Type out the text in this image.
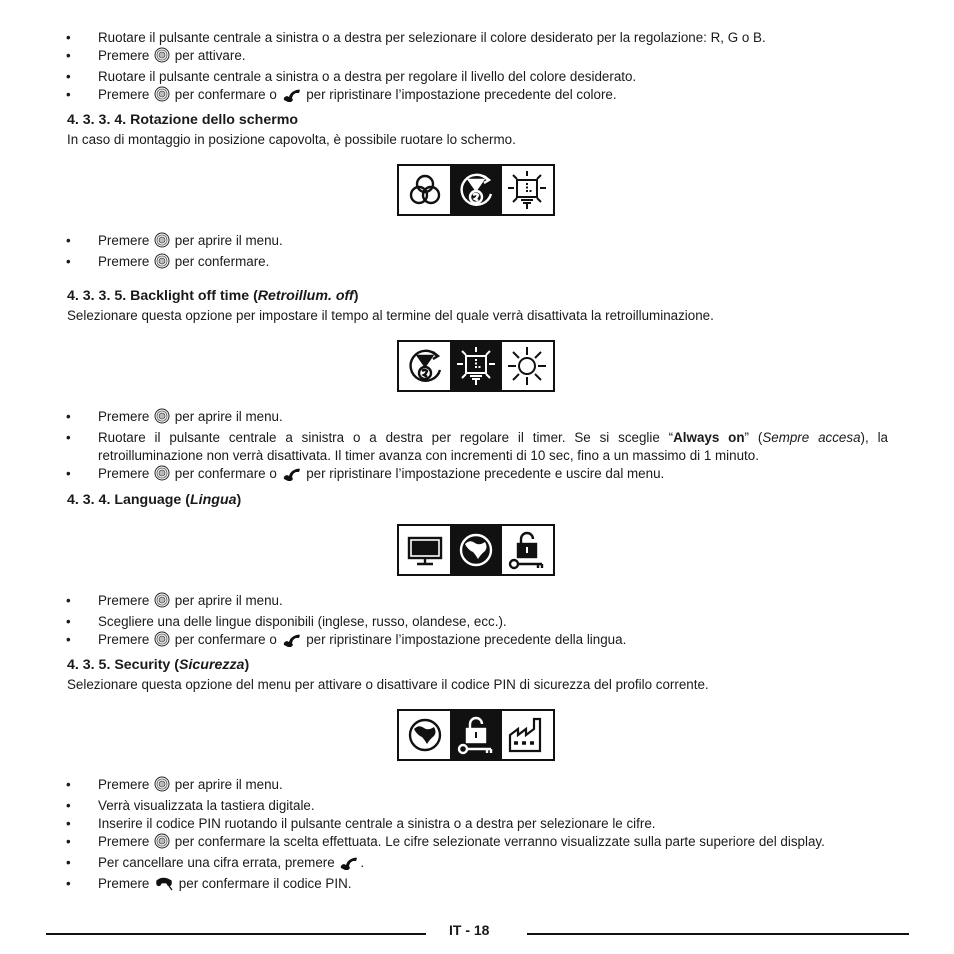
• Ruotare il pulsante centrale a sinistra o a destra per selezionare il colore desiderato per la regolazione: R, G o B.
• Premere  per attivare.
• Ruotare il pulsante centrale a sinistra o a destra per regolare il livello del colore desiderato.
• Premere  per confermare o  per ripristinare l’impostazione precedente del colore.
4. 3. 3. 4. Rotazione dello schermo

In caso di montaggio in posizione capovolta, è possibile ruotare lo schermo.

• Premere  per aprire il menu.
• Premere  per confermare.
4. 3. 3. 5. Backlight off time (Retroillum. off)

Selezionare questa opzione per impostare il tempo al termine del quale verrà disattivata la retroilluminazione.

• Premere  per aprire il menu.
• Ruotare il pulsante centrale a sinistra o a destra per regolare il timer. Se si sceglie “Always on” (Sempre accesa), la retroilluminazione non verrà disattivata. Il timer avanza con incrementi di 10 sec, fino a un massimo di 1 minuto.
• Premere  per confermare o  per ripristinare l’impostazione precedente e uscire dal menu.
4. 3. 4. Language (Lingua)
• Premere  per aprire il menu.
• Scegliere una delle lingue disponibili (inglese, russo, olandese, ecc.).
• Premere  per confermare o  per ripristinare l’impostazione precedente della lingua.
4. 3. 5. Security (Sicurezza)

Selezionare questa opzione del menu per attivare o disattivare il codice PIN di sicurezza del profilo corrente.

• Premere  per aprire il menu.
• Verrà visualizzata la tastiera digitale.
• Inserire il codice PIN ruotando il pulsante centrale a sinistra o a destra per selezionare le cifre.
• Premere  per confermare la scelta effettuata. Le cifre selezionate verranno visualizzate sulla parte superiore del display.
• Per cancellare una cifra errata, premere .
• Premere  per confermare il codice PIN.
IT - 18
